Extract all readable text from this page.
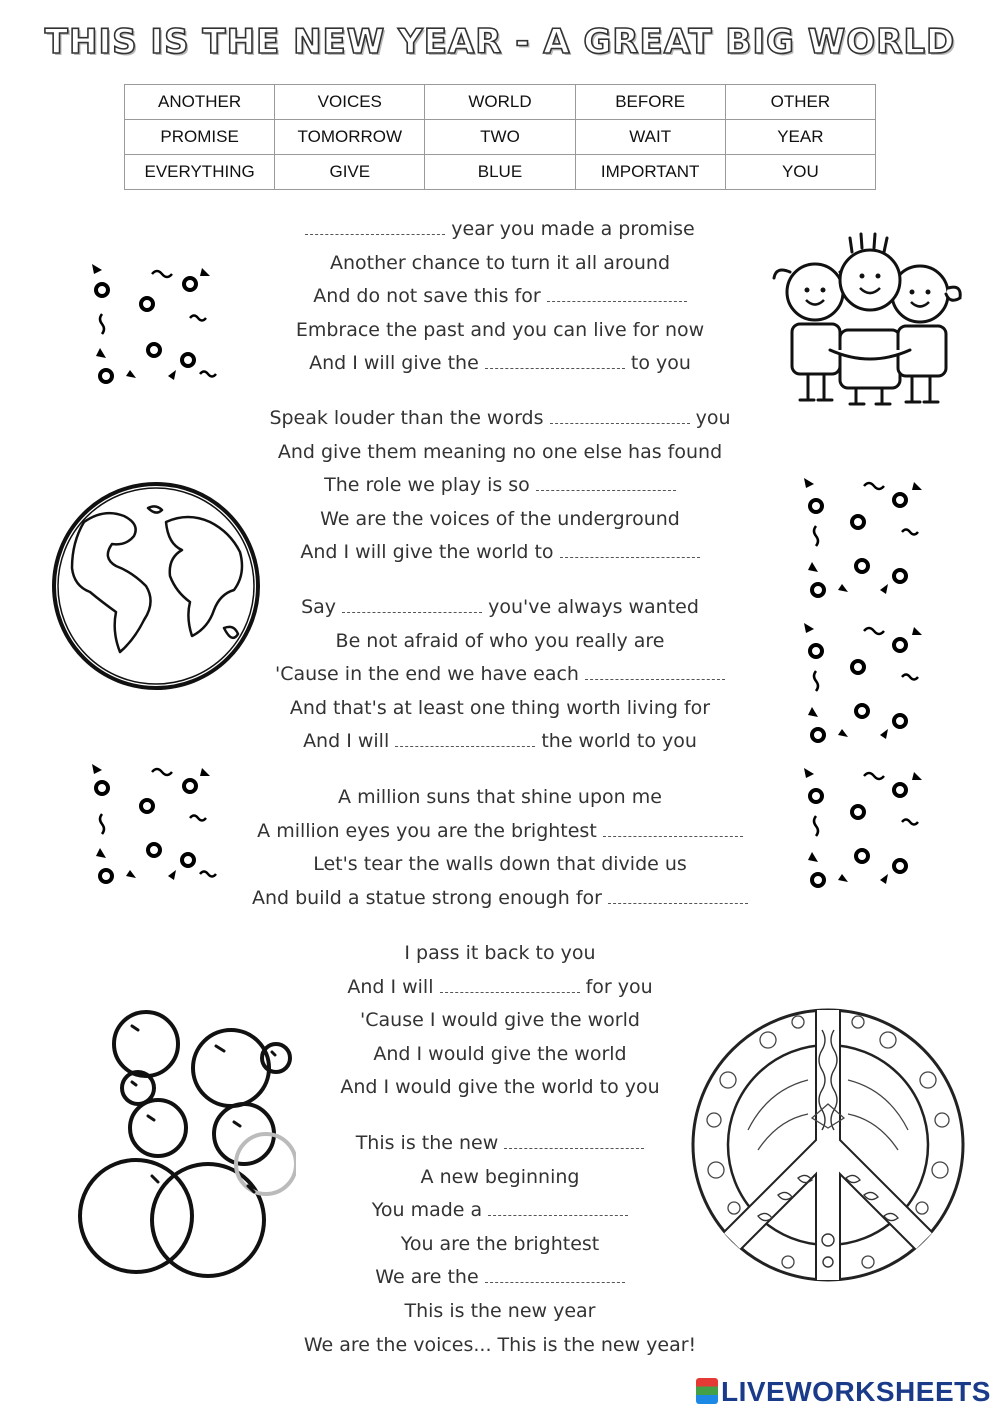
THIS IS THE NEW YEAR - A GREAT BIG WORLD
ANOTHER	VOICES	WORLD	BEFORE	OTHER
PROMISE	TOMORROW	TWO	WAIT	YEAR
EVERYTHING	GIVE	BLUE	IMPORTANT	YOU
year you made a promise
Another chance to turn it all around
And do not save this for
Embrace the past and you can live for now
And I will give the	to you
Speak louder than the words	you
And give them meaning no one else has found
The role we play is so
We are the voices of the underground
And I will give the world to
Say	you've always wanted
Be not afraid of who you really are
'Cause in the end we have each
And that's at least one thing worth living for
And I will	the world to you
A million suns that shine upon me
A million eyes you are the brightest
Let's tear the walls down that divide us
And build a statue strong enough for
I pass it back to you
And I will	for you
'Cause I would give the world
And I would give the world
And I would give the world to you
This is the new
A new beginning
You made a
You are the brightest
We are the
This is the new year
We are the voices... This is the new year!
LIVEWORKSHEETS
